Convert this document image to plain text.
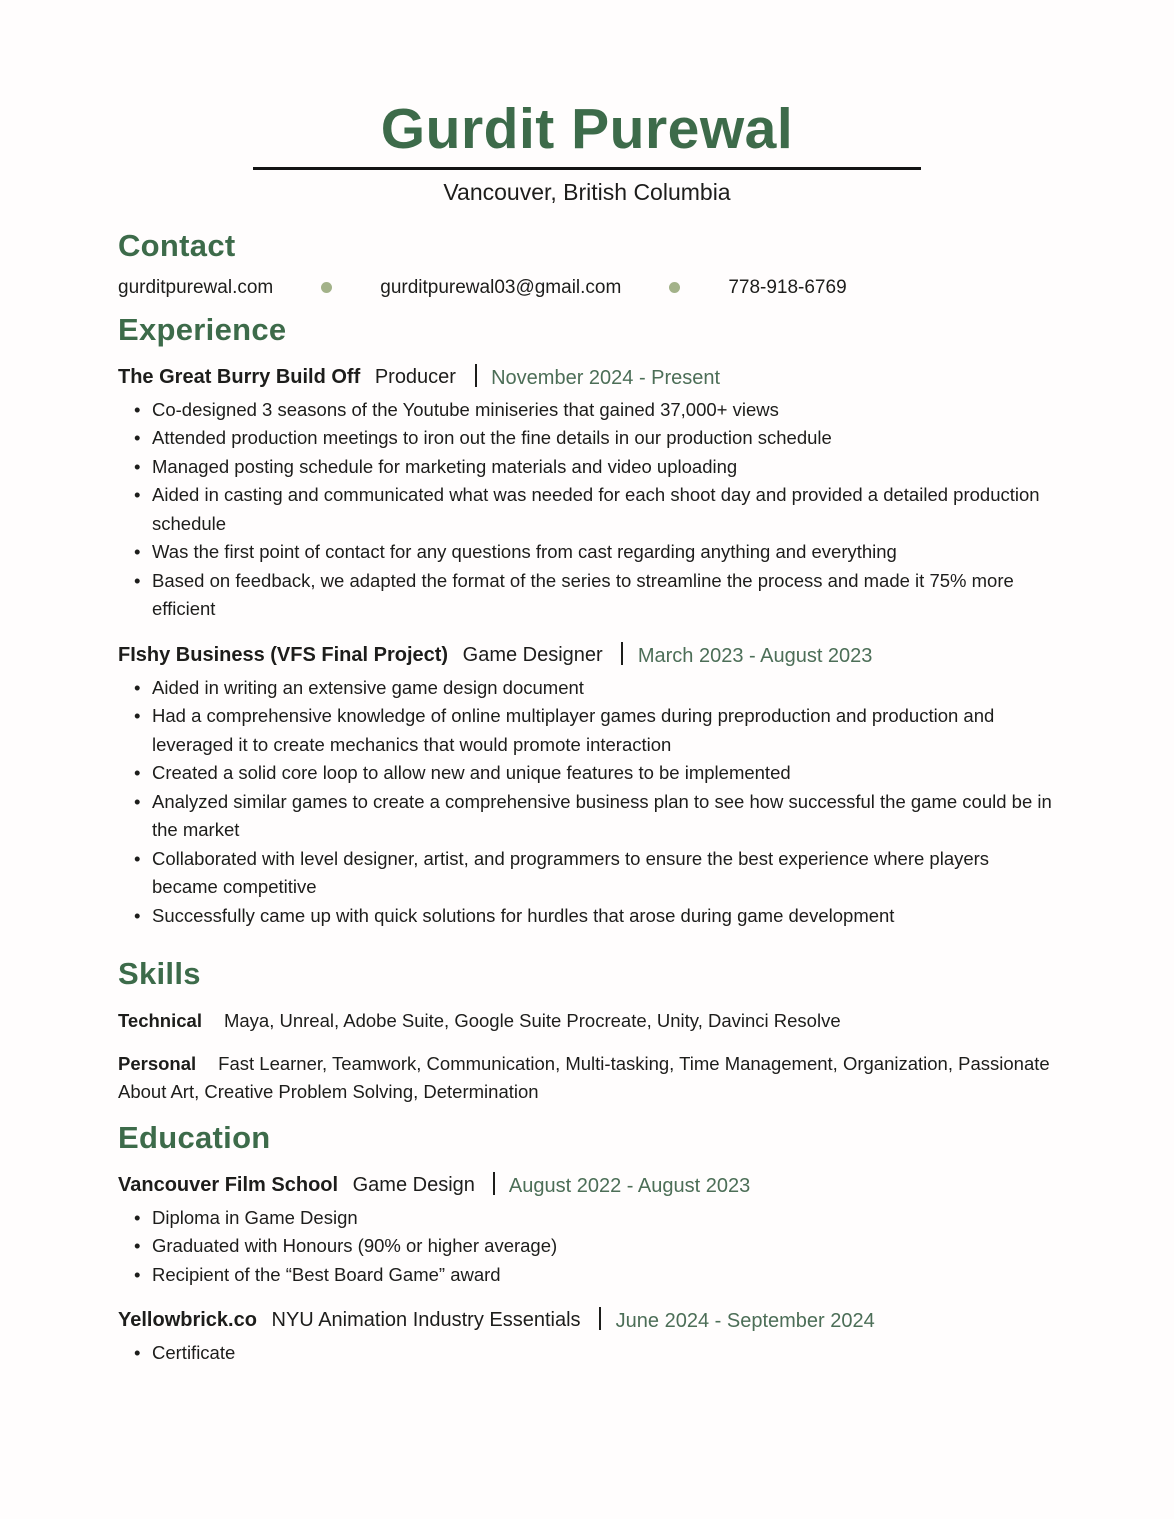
Gurdit Purewal
Vancouver, British Columbia
Contact
gurditpurewal.com	gurditpurewal03@gmail.com	778-918-6769
Experience
The Great Burry Build Off Producer November 2024 - Present
• Co-designed 3 seasons of the Youtube miniseries that gained 37,000+ views
• Attended production meetings to iron out the fine details in our production schedule
• Managed posting schedule for marketing materials and video uploading
• Aided in casting and communicated what was needed for each shoot day and provided a detailed production schedule
• Was the first point of contact for any questions from cast regarding anything and everything
• Based on feedback, we adapted the format of the series to streamline the process and made it 75% more efficient
FIshy Business (VFS Final Project) Game Designer March 2023 - August 2023
• Aided in writing an extensive game design document
• Had a comprehensive knowledge of online multiplayer games during preproduction and production and leveraged it to create mechanics that would promote interaction
• Created a solid core loop to allow new and unique features to be implemented
• Analyzed similar games to create a comprehensive business plan to see how successful the game could be in the market
• Collaborated with level designer, artist, and programmers to ensure the best experience where players became competitive
• Successfully came up with quick solutions for hurdles that arose during game development
Skills

Technical Maya, Unreal, Adobe Suite, Google Suite Procreate, Unity, Davinci Resolve

Personal Fast Learner, Teamwork, Communication, Multi-tasking, Time Management, Organization, Passionate About Art, Creative Problem Solving, Determination

Education
Vancouver Film School Game Design August 2022 - August 2023
• Diploma in Game Design
• Graduated with Honours (90% or higher average)
• Recipient of the “Best Board Game” award
Yellowbrick.co NYU Animation Industry Essentials June 2024 - September 2024
• Certificate
